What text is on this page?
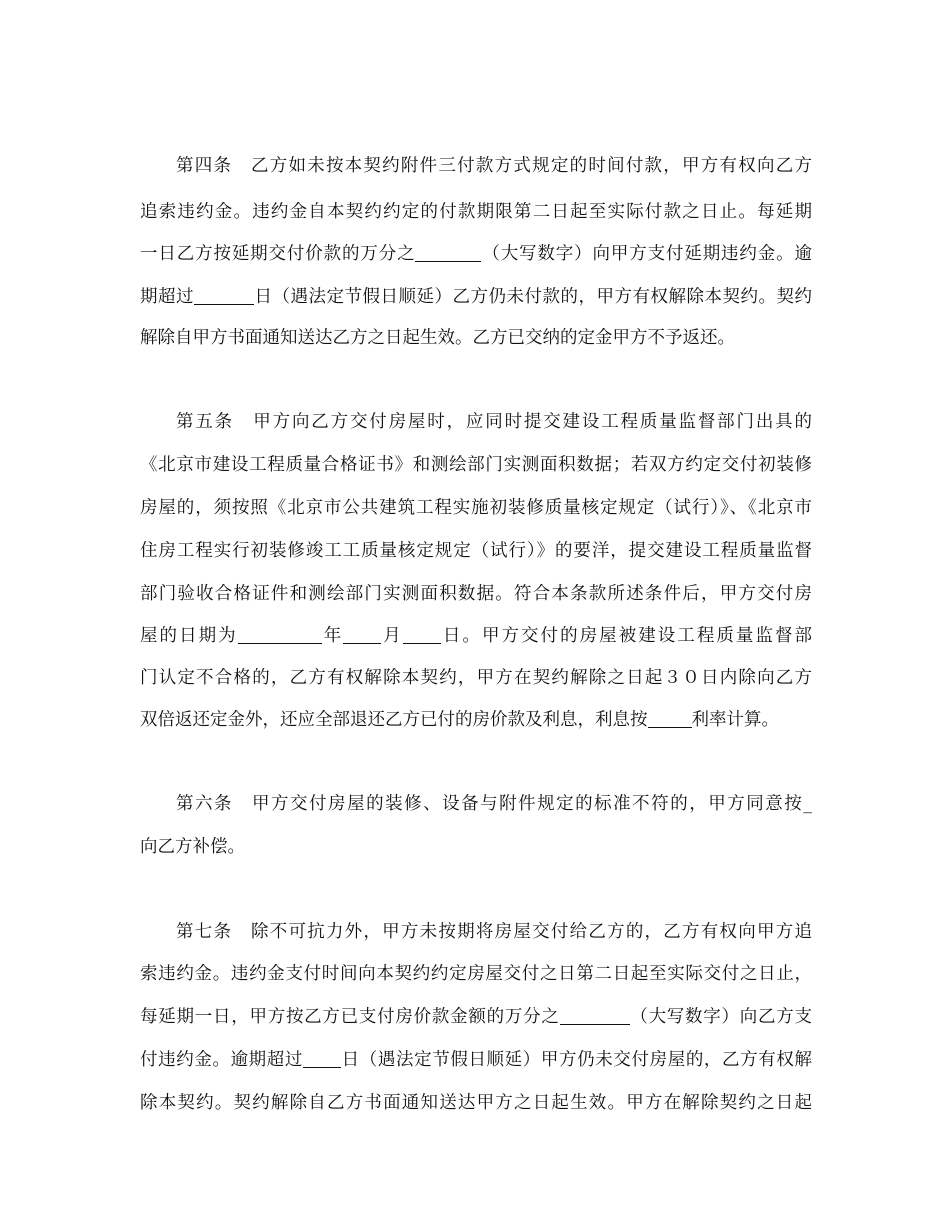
第四条　乙方如未按本契约附件三付款方式规定的时间付款，甲方有权向乙方
追索违约金。违约金自本契约约定的付款期限第二日起至实际付款之日止。每延期
一日乙方按延期交付价款的万分之	（大写数字）向甲方支付延期违约金。逾
期超过	日（遇法定节假日顺延）乙方仍未付款的，甲方有权解除本契约。契约
解除自甲方书面通知送达乙方之日起生效。乙方已交纳的定金甲方不予返还。
第五条　甲方向乙方交付房屋时，应同时提交建设工程质量监督部门出具的
《北京市建设工程质量合格证书》和测绘部门实测面积数据；若双方约定交付初装修
房屋的，须按照《北京市公共建筑工程实施初装修质量核定规定（试行）》、《北京市
住房工程实行初装修竣工工质量核定规定（试行）》的要洋，提交建设工程质量监督
部门验收合格证件和测绘部门实测面积数据。符合本条款所述条件后，甲方交付房
屋的日期为	年 月 日。甲方交付的房屋被建设工程质量监督部
门认定不合格的，乙方有权解除本契约，甲方在契约解除之日起３０日内除向乙方
双倍返还定金外，还应全部退还乙方已付的房价款及利息，利息按	利率计算。
第六条　甲方交付房屋的装修、设备与附件规定的标准不符的，甲方同意按_
向乙方补偿。
第七条　除不可抗力外，甲方未按期将房屋交付给乙方的，乙方有权向甲方追
索违约金。违约金支付时间向本契约约定房屋交付之日第二日起至实际交付之日止，
每延期一日，甲方按乙方已支付房价款金额的万分之	（大写数字）向乙方支
付违约金。逾期超过 日（遇法定节假日顺延）甲方仍未交付房屋的，乙方有权解
除本契约。契约解除自乙方书面通知送达甲方之日起生效。甲方在解除契约之日起
